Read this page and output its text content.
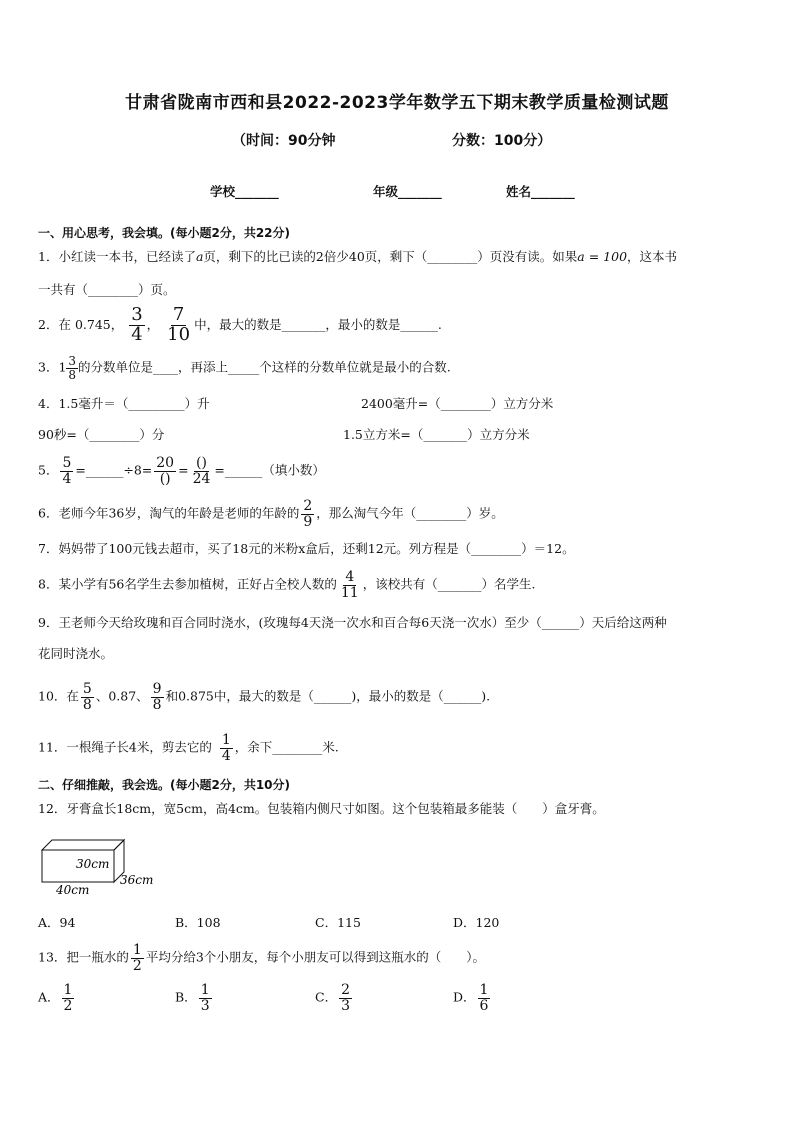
甘肃省陇南市西和县2022-2023学年数学五下期末教学质量检测试题
（时间：90分钟	分数：100分）
学校_______	年级_______	姓名_______
一、用心思考，我会填。(每小题2分，共22分)
1．小红读一本书，已经读了a页，剩下的比已读的2倍少40页，剩下（________）页没有读。如果a = 100，这本书
一共有（________）页。
2．在 0.745， $\frac{3}{4}$ ， $\frac{7}{10}$ 中，最大的数是_______，最小的数是______.
3．$1 \frac{3}{8}$ 的分数单位是____，再添上_____个这样的分数单位就是最小的合数.
4．1.5毫升＝（_________）升	2400毫升=（________）立方分米
90秒=（________）分	1.5立方米=（_______）立方分米
5． $\frac{5}{4}$ =______÷8= $\frac{20}{()} = \frac{()}{24}$ =______（填小数）
6．老师今年36岁，淘气的年龄是老师的年龄的 $\frac{2}{9}$ ，那么淘气今年（________）岁。
7．妈妈带了100元钱去超市，买了18元的米粉x盒后，还剩12元。列方程是（________）＝12。
8．某小学有56名学生去参加植树，正好占全校人数的 $\frac{4}{11}$ ，该校共有（_______）名学生.
9．王老师今天给玫瑰和百合同时浇水，(玫瑰每4天浇一次水和百合每6天浇一次水）至少（______）天后给这两种
花同时浇水。
10．在 $\frac{5}{8}$ 、0.87、 $\frac{9}{8}$ 和0.875中，最大的数是（______)，最小的数是（______).
11．一根绳子长4米，剪去它的 $\frac{1}{4}$ ，余下________米.
二、仔细推敲，我会选。(每小题2分，共10分)
12．牙膏盒长18cm，宽5cm，高4cm。包装箱内侧尺寸如图。这个包装箱最多能装（　　）盒牙膏。
30cm
40cm
36cm
A．94	B．108	C．115	D．120
13．把一瓶水的 $\frac{1}{2}$ 平均分给3个小朋友，每个小朋友可以得到这瓶水的（　　）。
A． $\frac{1}{2}$	B． $\frac{1}{3}$	C． $\frac{2}{3}$	D． $\frac{1}{6}$
